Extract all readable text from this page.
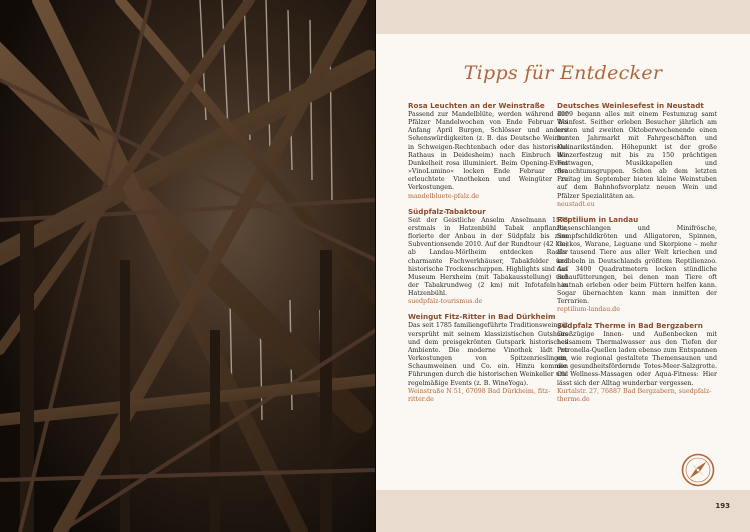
Tipps für Entdecker
Rosa Leuchten an der Weinstraße
Passend zur Mandelblüte, werden während der Pfälzer Mandelwochen von Ende Februar bis Anfang April Burgen, Schlösser und andere Sehenswürdigkeiten (z. B. das Deutsche Weintor in Schweigen-Rechtenbach oder das historische Rathaus in Deidesheim) nach Einbruch der Dunkelheit rosa illuminiert. Beim Opening-Event »VinoLumino« locken Ende Februar rosa erleuchtete Vinotheken und Weingüter zu Verkostungen.
mandelbluete-pfalz.de
Südpfalz-Tabaktour
Seit der Geistliche Anselm Anselmann 1573 erstmals in Hatzenbühl Tabak anpflanzte, florierte der Anbau in der Südpfalz bis zum Subventionsende 2010. Auf der Rundtour (42 km) ab Landau-Mörlheim entdecken Radler charmante Fachwerkhäuser, Tabakfelder und historische Trockenschuppen. Highlights sind das Museum Herxheim (mit Tabakausstellung) und der Tabakrundweg (2 km) mit Infotafeln in Hatzenbühl.
suedpfalz-tourismus.de
Weingut Fitz-Ritter in Bad Dürkheim
Das seit 1785 familiengeführte Traditionsweingut versprüht mit seinem klassizistischen Gutshaus und dem preisgekrönten Gutspark historisches Ambiente. Die moderne Vinothek lädt zu Verkostungen von Spitzenrieslingen, Schaumweinen und Co. ein. Hinzu kommen Führungen durch die historischen Weinkeller und regelmäßige Events (z. B. WineYoga).
Weinstraße N 51, 67098 Bad Dürkheim, fitz-ritter.de
Deutsches Weinlesefest in Neustadt
1909 begann alles mit einem Festumzug samt Weinfest. Seither erleben Besucher jährlich am ersten und zweiten Oktoberwochenende einen bunten Jahrmarkt mit Fahrgeschäften und Kulinarikständen. Höhepunkt ist der große Winzerfestzug mit bis zu 150 prächtigen Festwagen, Musikkapellen und Brauchtumsgruppen. Schon ab dem letzten Freitag im September bieten kleine Weinstuben auf dem Bahnhofsvorplatz neuen Wein und Pfälzer Spezialitäten an.
neustadt.eu
Reptilium in Landau
Riesenschlangen und Minifrösche, Sumpfschildkröten und Alligatoren, Spinnen, Geckos, Warane, Leguane und Skorpione – mehr als tausend Tiere aus aller Welt kriechen und krabbeln in Deutschlands größtem Reptilienzoo. Auf 3400 Quadratmetern locken stündliche Schaufütterungen, bei denen man Tiere oft hautnah erleben oder beim Füttern helfen kann. Sogar übernachten kann man inmitten der Terrarien.
reptilium-landau.de
Südpfalz Therme in Bad Bergzabern
Großzügige Innen- und Außenbecken mit heilsamem Thermalwasser aus den Tiefen der Petronella-Quellen laden ebenso zum Entspannen ein wie regional gestaltete Themensaunen und die gesundheitsfördernde Totes-Meer-Salzgrotte. Ob Wellness-Massagen oder Aqua-Fitness: Hier lässt sich der Alltag wunderbar vergessen.
Kurtalstr. 27, 76887 Bad Bergzabern, suedpfalz-therme.de
193
